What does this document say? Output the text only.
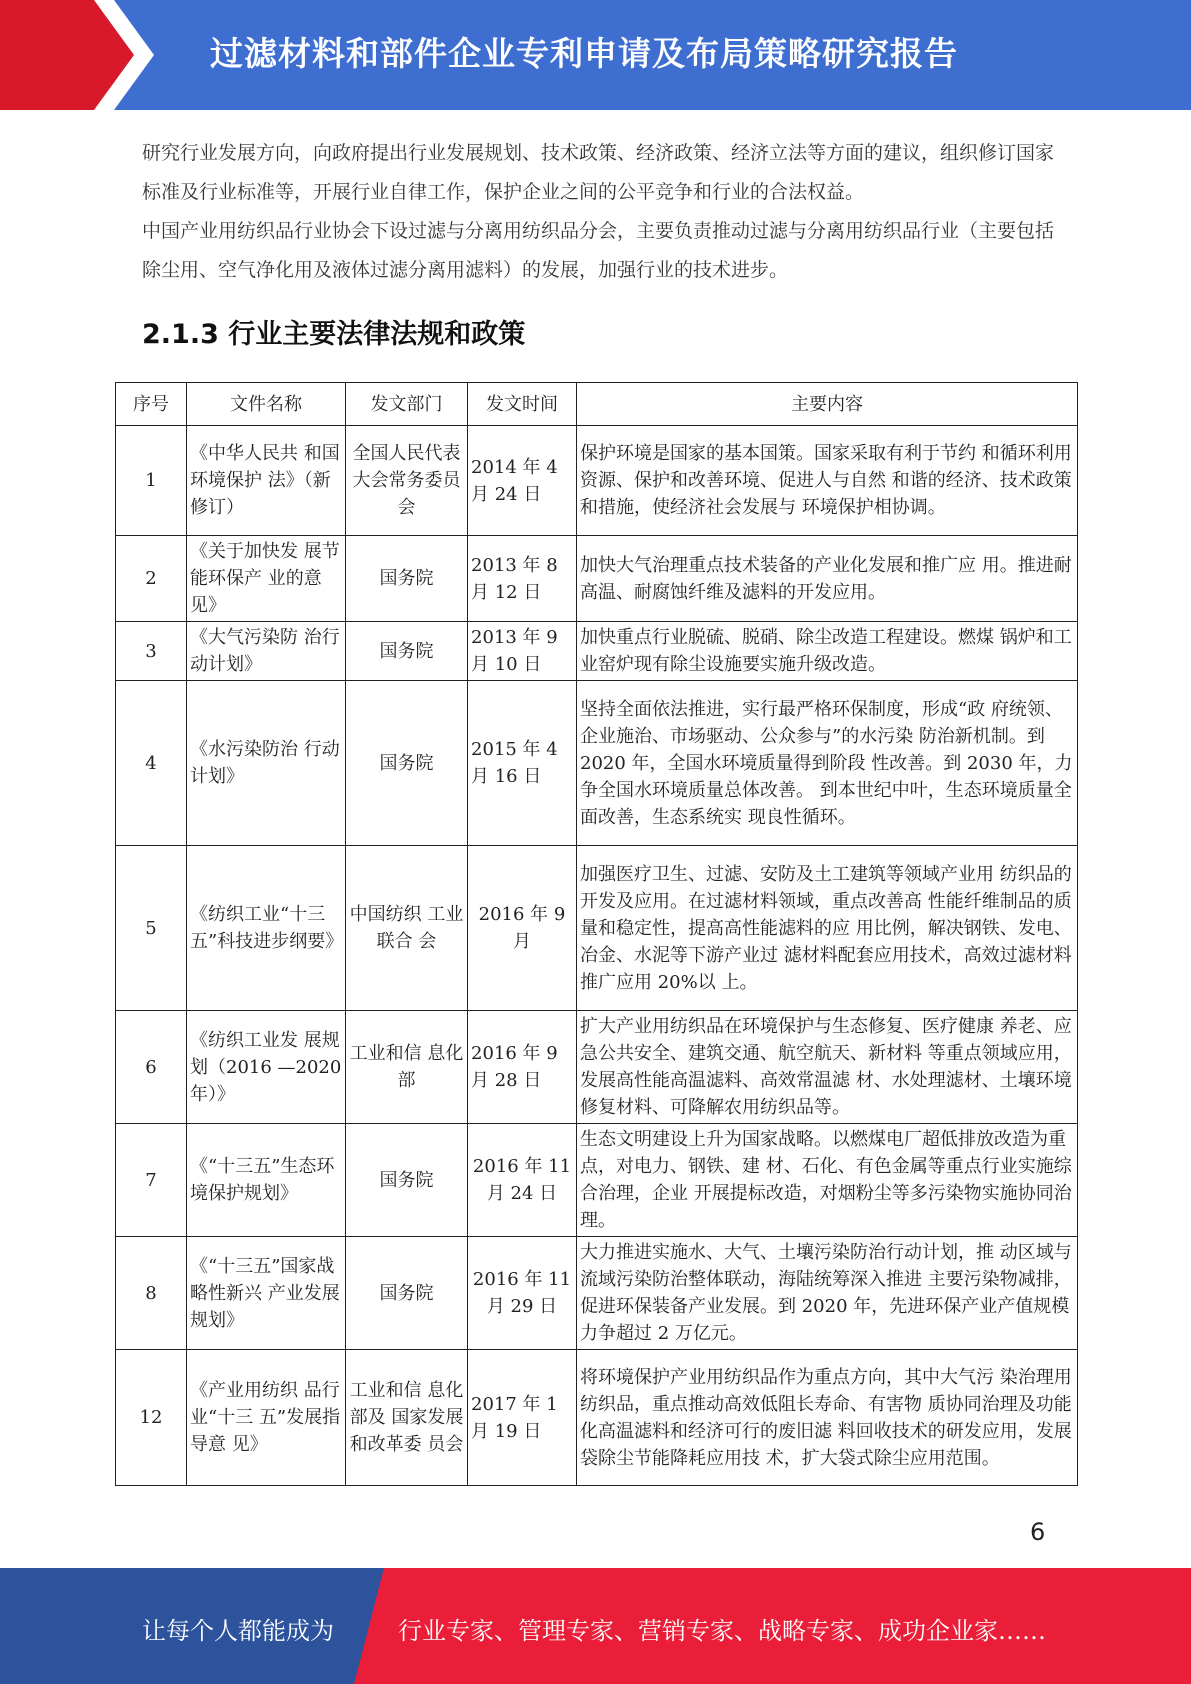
过滤材料和部件企业专利申请及布局策略研究报告

研究行业发展方向，向政府提出行业发展规划、技术政策、经济政策、经济立法等方面的建议，组织修订国家标准及行业标准等，开展行业自律工作，保护企业之间的公平竞争和行业的合法权益。

中国产业用纺织品行业协会下设过滤与分离用纺织品分会，主要负责推动过滤与分离用纺织品行业（主要包括除尘用、空气净化用及液体过滤分离用滤料）的发展，加强行业的技术进步。

2.1.3 行业主要法律法规和政策
序号	文件名称	发文部门	发文时间	主要内容
1	《中华人民共 和国环境保护 法》（新修订）	全国人民代表大会常务委员会	2014 年 4 月 24 日	保护环境是国家的基本国策。国家采取有利于节约 和循环利用资源、保护和改善环境、促进人与自然 和谐的经济、技术政策和措施，使经济社会发展与 环境保护相协调。
2	《关于加快发 展节能环保产 业的意见》	国务院	2013 年 8 月 12 日	加快大气治理重点技术装备的产业化发展和推广应 用。推进耐高温、耐腐蚀纤维及滤料的开发应用。
3	《大气污染防 治行动计划》	国务院	2013 年 9 月 10 日	加快重点行业脱硫、脱硝、除尘改造工程建设。燃煤 锅炉和工业窑炉现有除尘设施要实施升级改造。
4	《水污染防治 行动计划》	国务院	2015 年 4 月 16 日	坚持全面依法推进，实行最严格环保制度，形成“政 府统领、企业施治、市场驱动、公众参与”的水污染 防治新机制。到 2020 年，全国水环境质量得到阶段 性改善。到 2030 年，力争全国水环境质量总体改善。 到本世纪中叶，生态环境质量全面改善，生态系统实 现良性循环。
5	《纺织工业“十三五”科技进步纲要》	中国纺织 工业联合 会	2016 年 9 月	加强医疗卫生、过滤、安防及土工建筑等领域产业用 纺织品的开发及应用。在过滤材料领域，重点改善高 性能纤维制品的质量和稳定性，提高高性能滤料的应 用比例，解决钢铁、发电、冶金、水泥等下游产业过 滤材料配套应用技术，高效过滤材料推广应用 20%以 上。
6	《纺织工业发 展规划（2016 —2020 年）》	工业和信 息化部	2016 年 9 月 28 日	扩大产业用纺织品在环境保护与生态修复、医疗健康 养老、应急公共安全、建筑交通、航空航天、新材料 等重点领域应用，发展高性能高温滤料、高效常温滤 材、水处理滤材、土壤环境修复材料、可降解农用纺织品等。
7	《“十三五”生态环境保护规划》	国务院	2016 年 11 月 24 日	生态文明建设上升为国家战略。以燃煤电厂超低排放改造为重点，对电力、钢铁、建 材、石化、有色金属等重点行业实施综合治理，企业 开展提标改造，对烟粉尘等多污染物实施协同治理。
8	《“十三五”国家战略性新兴 产业发展规划》	国务院	2016 年 11 月 29 日	大力推进实施水、大气、土壤污染防治行动计划，推 动区域与流域污染防治整体联动，海陆统筹深入推进 主要污染物减排，促进环保装备产业发展。到 2020 年，先进环保产业产值规模力争超过 2 万亿元。
12	《产业用纺织 品行业“十三 五”发展指导意 见》	工业和信 息化部及 国家发展 和改革委 员会	2017 年 1 月 19 日	将环境保护产业用纺织品作为重点方向，其中大气污 染治理用纺织品，重点推动高效低阻长寿命、有害物 质协同治理及功能化高温滤料和经济可行的废旧滤 料回收技术的研发应用，发展袋除尘节能降耗应用技 术，扩大袋式除尘应用范围。
6
让每个人都能成为	行业专家、管理专家、营销专家、战略专家、成功企业家……
